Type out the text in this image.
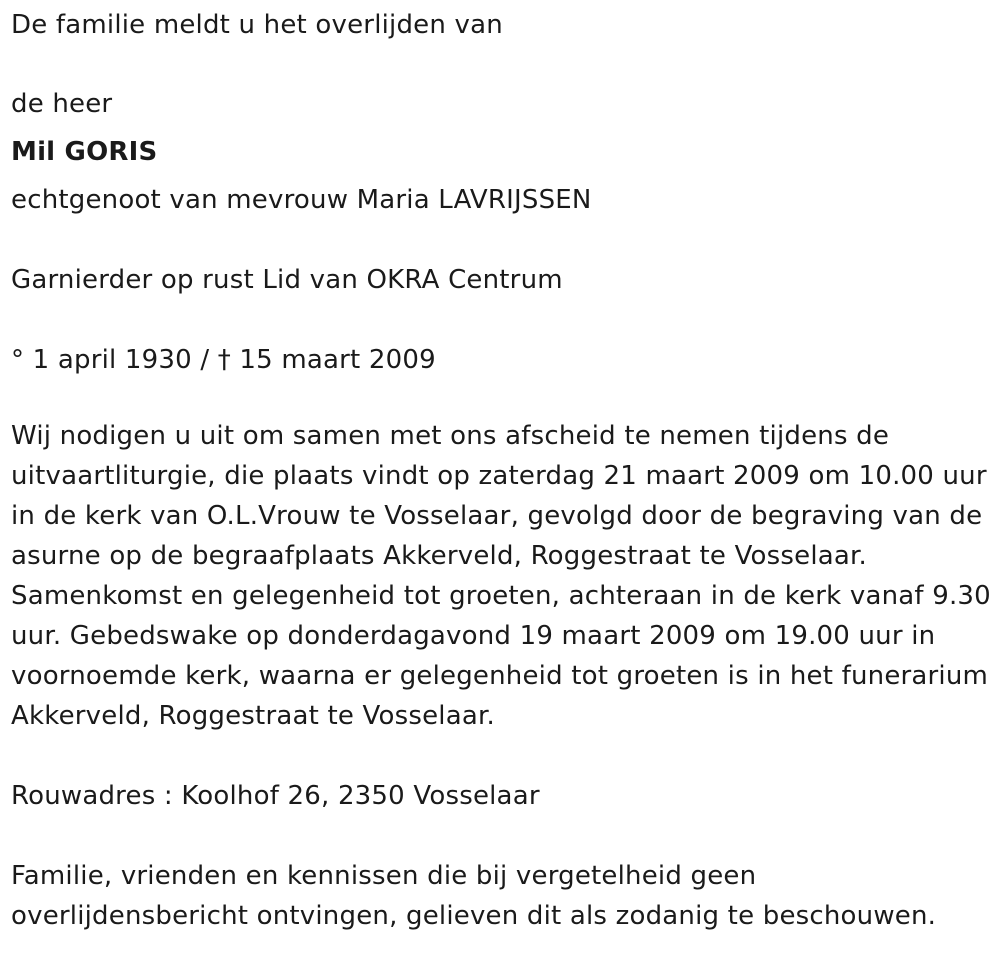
De familie meldt u het overlijden van

de heer

Mil GORIS

echtgenoot van mevrouw Maria LAVRIJSSEN

Garnierder op rust Lid van OKRA Centrum

° 1 april 1930 / † 15 maart 2009

Wij nodigen u uit om samen met ons afscheid te nemen tijdens de uitvaartliturgie, die plaats vindt op zaterdag 21 maart 2009 om 10.00 uur in de kerk van O.L.Vrouw te Vosselaar, gevolgd door de begraving van de asurne op de begraafplaats Akkerveld, Roggestraat te Vosselaar. Samenkomst en gelegenheid tot groeten, achteraan in de kerk vanaf 9.30 uur. Gebedswake op donderdagavond 19 maart 2009 om 19.00 uur in voornoemde kerk, waarna er gelegenheid tot groeten is in het funerarium Akkerveld, Roggestraat te Vosselaar.

Rouwadres : Koolhof 26, 2350 Vosselaar

Familie, vrienden en kennissen die bij vergetelheid geen overlijdensbericht ontvingen, gelieven dit als zodanig te beschouwen.
